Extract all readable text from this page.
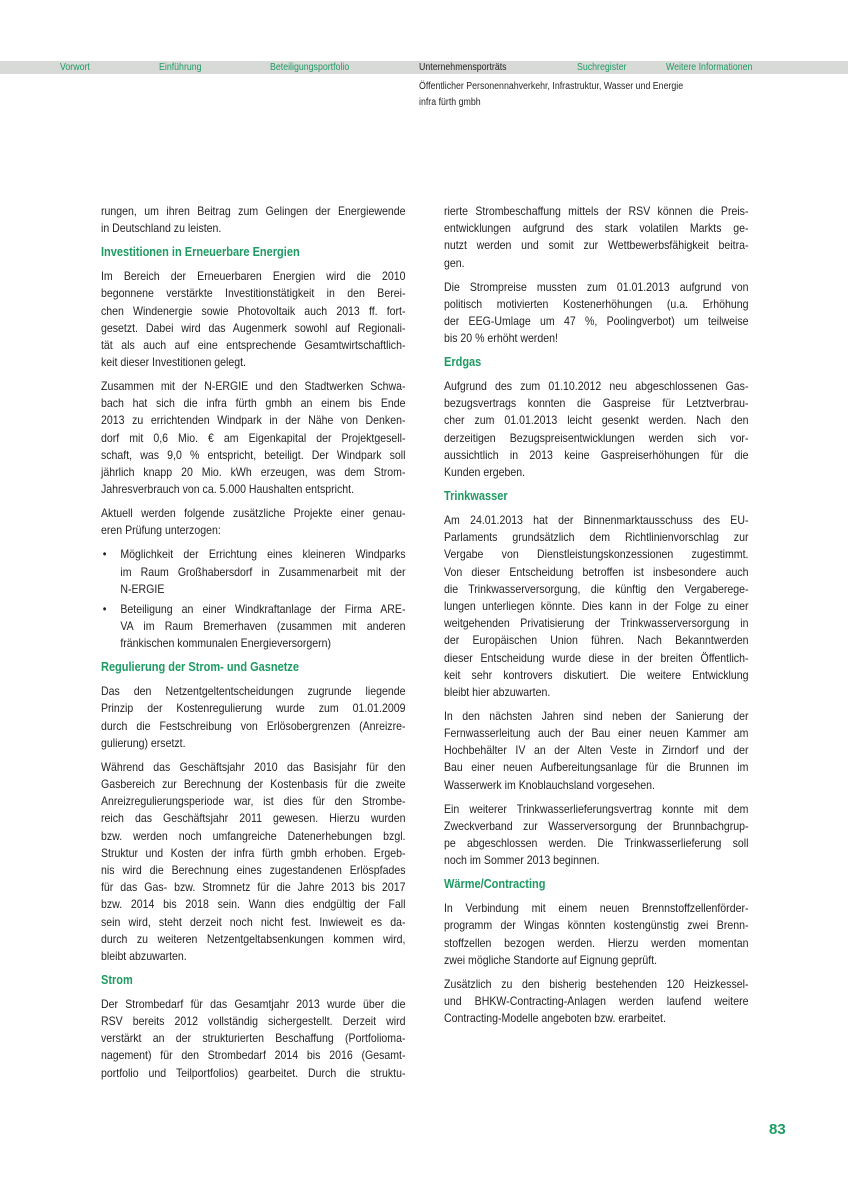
Vorwort	Einführung	Beteiligungsportfolio	Unternehmensporträts	Suchregister	Weitere Informationen
Öffentlicher Personennahverkehr, Infrastruktur, Wasser und Energie
infra fürth gmbh
rungen, um ihren Beitrag zum Gelingen der Energiewende
in Deutschland zu leisten.
Investitionen in Erneuerbare Energien
Im Bereich der Erneuerbaren Energien wird die 2010
begonnene verstärkte Investitionstätigkeit in den Berei-
chen Windenergie sowie Photovoltaik auch 2013 ff. fort-
gesetzt. Dabei wird das Augenmerk sowohl auf Regionali-
tät als auch auf eine entsprechende Gesamtwirtschaftlich-
keit dieser Investitionen gelegt.
Zusammen mit der N-ERGIE und den Stadtwerken Schwa-
bach hat sich die infra fürth gmbh an einem bis Ende
2013 zu errichtenden Windpark in der Nähe von Denken-
dorf mit 0,6 Mio. € am Eigenkapital der Projektgesell-
schaft, was 9,0 % entspricht, beteiligt. Der Windpark soll
jährlich knapp 20 Mio. kWh erzeugen, was dem Strom-
Jahresverbrauch von ca. 5.000 Haushalten entspricht.
Aktuell werden folgende zusätzliche Projekte einer genau-
eren Prüfung unterzogen:
• Möglichkeit der Errichtung eines kleineren Windparks
im Raum Großhabersdorf in Zusammenarbeit mit der
N-ERGIE
• Beteiligung an einer Windkraftanlage der Firma ARE-
VA im Raum Bremerhaven (zusammen mit anderen
fränkischen kommunalen Energieversorgern)
Regulierung der Strom- und Gasnetze
Das den Netzentgeltentscheidungen zugrunde liegende
Prinzip der Kostenregulierung wurde zum 01.01.2009
durch die Festschreibung von Erlösobergrenzen (Anreizre-
gulierung) ersetzt.
Während das Geschäftsjahr 2010 das Basisjahr für den
Gasbereich zur Berechnung der Kostenbasis für die zweite
Anreizregulierungsperiode war, ist dies für den Strombe-
reich das Geschäftsjahr 2011 gewesen. Hierzu wurden
bzw. werden noch umfangreiche Datenerhebungen bzgl.
Struktur und Kosten der infra fürth gmbh erhoben. Ergeb-
nis wird die Berechnung eines zugestandenen Erlöspfades
für das Gas- bzw. Stromnetz für die Jahre 2013 bis 2017
bzw. 2014 bis 2018 sein. Wann dies endgültig der Fall
sein wird, steht derzeit noch nicht fest. Inwieweit es da-
durch zu weiteren Netzentgeltabsenkungen kommen wird,
bleibt abzuwarten.
Strom
Der Strombedarf für das Gesamtjahr 2013 wurde über die
RSV bereits 2012 vollständig sichergestellt. Derzeit wird
verstärkt an der strukturierten Beschaffung (Portfolioma-
nagement) für den Strombedarf 2014 bis 2016 (Gesamt-
portfolio und Teilportfolios) gearbeitet. Durch die struktu-
rierte Strombeschaffung mittels der RSV können die Preis-
entwicklungen aufgrund des stark volatilen Markts ge-
nutzt werden und somit zur Wettbewerbsfähigkeit beitra-
gen.
Die Strompreise mussten zum 01.01.2013 aufgrund von
politisch motivierten Kostenerhöhungen (u.a. Erhöhung
der EEG-Umlage um 47 %, Poolingverbot) um teilweise
bis 20 % erhöht werden!
Erdgas
Aufgrund des zum 01.10.2012 neu abgeschlossenen Gas-
bezugsvertrags konnten die Gaspreise für Letztverbrau-
cher zum 01.01.2013 leicht gesenkt werden. Nach den
derzeitigen Bezugspreisentwicklungen werden sich vor-
aussichtlich in 2013 keine Gaspreiserhöhungen für die
Kunden ergeben.
Trinkwasser
Am 24.01.2013 hat der Binnenmarktausschuss des EU-
Parlaments grundsätzlich dem Richtlinienvorschlag zur
Vergabe von Dienstleistungskonzessionen zugestimmt.
Von dieser Entscheidung betroffen ist insbesondere auch
die Trinkwasserversorgung, die künftig den Vergaberege-
lungen unterliegen könnte. Dies kann in der Folge zu einer
weitgehenden Privatisierung der Trinkwasserversorgung in
der Europäischen Union führen. Nach Bekanntwerden
dieser Entscheidung wurde diese in der breiten Öffentlich-
keit sehr kontrovers diskutiert. Die weitere Entwicklung
bleibt hier abzuwarten.
In den nächsten Jahren sind neben der Sanierung der
Fernwasserleitung auch der Bau einer neuen Kammer am
Hochbehälter IV an der Alten Veste in Zirndorf und der
Bau einer neuen Aufbereitungsanlage für die Brunnen im
Wasserwerk im Knoblauchsland vorgesehen.
Ein weiterer Trinkwasserlieferungsvertrag konnte mit dem
Zweckverband zur Wasserversorgung der Brunnbachgrup-
pe abgeschlossen werden. Die Trinkwasserlieferung soll
noch im Sommer 2013 beginnen.
Wärme/Contracting
In Verbindung mit einem neuen Brennstoffzellenförder-
programm der Wingas könnten kostengünstig zwei Brenn-
stoffzellen bezogen werden. Hierzu werden momentan
zwei mögliche Standorte auf Eignung geprüft.
Zusätzlich zu den bisherig bestehenden 120 Heizkessel-
und BHKW-Contracting-Anlagen werden laufend weitere
Contracting-Modelle angeboten bzw. erarbeitet.
83
